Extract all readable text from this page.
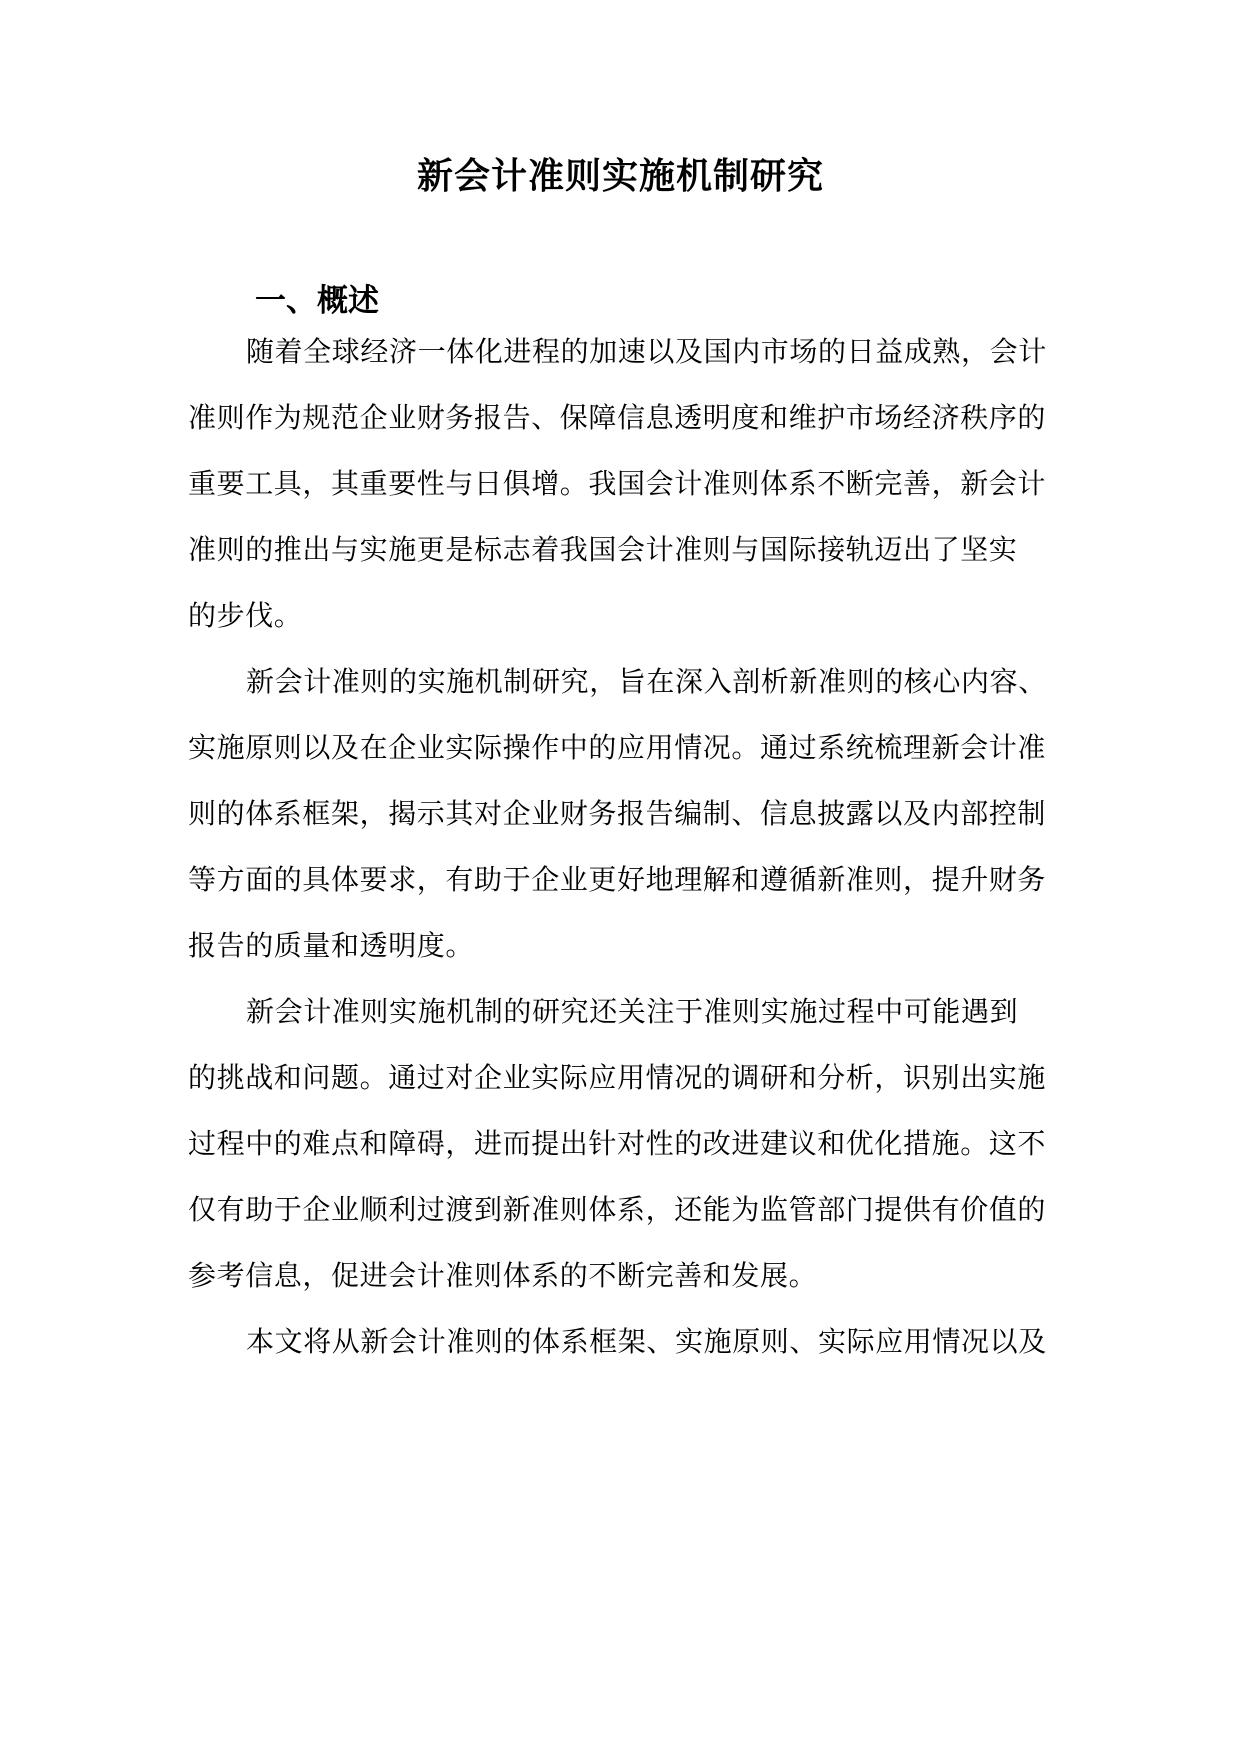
新会计准则实施机制研究
一、概述
随着全球经济一体化进程的加速以及国内市场的日益成熟，会计
准则作为规范企业财务报告、保障信息透明度和维护市场经济秩序的
重要工具，其重要性与日俱增。我国会计准则体系不断完善，新会计
准则的推出与实施更是标志着我国会计准则与国际接轨迈出了坚实
的步伐。
新会计准则的实施机制研究，旨在深入剖析新准则的核心内容、
实施原则以及在企业实际操作中的应用情况。通过系统梳理新会计准
则的体系框架，揭示其对企业财务报告编制、信息披露以及内部控制
等方面的具体要求，有助于企业更好地理解和遵循新准则，提升财务
报告的质量和透明度。
新会计准则实施机制的研究还关注于准则实施过程中可能遇到
的挑战和问题。通过对企业实际应用情况的调研和分析，识别出实施
过程中的难点和障碍，进而提出针对性的改进建议和优化措施。这不
仅有助于企业顺利过渡到新准则体系，还能为监管部门提供有价值的
参考信息，促进会计准则体系的不断完善和发展。
本文将从新会计准则的体系框架、实施原则、实际应用情况以及
